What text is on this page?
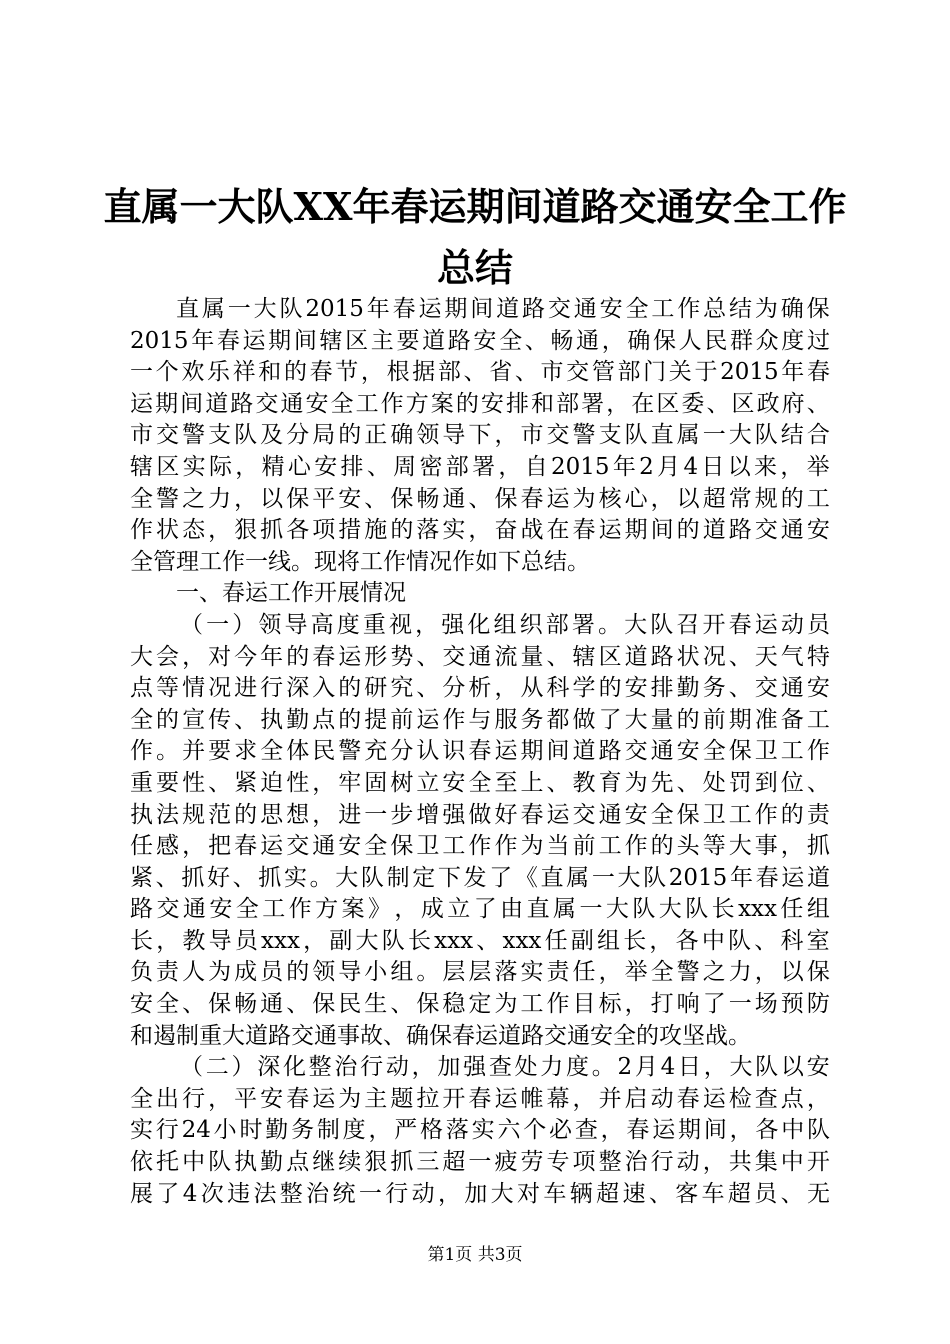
直属一大队XX年春运期间道路交通安全工作
总结
直 属 一 大 队 2015 年 春 运 期 间 道 路 交 通 安 全 工 作 总 结 为 确 保
2015 年 春 运 期 间 辖 区 主 要 道 路 安 全 、 畅 通 ， 确 保 人 民 群 众 度 过
一 个 欢 乐 祥 和 的 春 节 ， 根 据 部 、 省 、 市 交 管 部 门 关 于 2015 年 春
运 期 间 道 路 交 通 安 全 工 作 方 案 的 安 排 和 部 署 ， 在 区 委 、 区 政 府 、
市 交 警 支 队 及 分 局 的 正 确 领 导 下 ， 市 交 警 支 队 直 属 一 大 队 结 合
辖 区 实 际 ， 精 心 安 排 、 周 密 部 署 ， 自 2015 年 2 月 4 日 以 来 ， 举
全 警 之 力 ， 以 保 平 安 、 保 畅 通 、 保 春 运 为 核 心 ， 以 超 常 规 的 工
作 状 态 ， 狠 抓 各 项 措 施 的 落 实 ， 奋 战 在 春 运 期 间 的 道 路 交 通 安
全管理工作一线。现将工作情况作如下总结。
一、春运工作开展情况
（ 一 ） 领 导 高 度 重 视 ， 强 化 组 织 部 署 。 大 队 召 开 春 运 动 员
大 会 ， 对 今 年 的 春 运 形 势 、 交 通 流 量 、 辖 区 道 路 状 况 、 天 气 特
点 等 情 况 进 行 深 入 的 研 究 、 分 析 ， 从 科 学 的 安 排 勤 务 、 交 通 安
全 的 宣 传 、 执 勤 点 的 提 前 运 作 与 服 务 都 做 了 大 量 的 前 期 准 备 工
作 。 并 要 求 全 体 民 警 充 分 认 识 春 运 期 间 道 路 交 通 安 全 保 卫 工 作
重 要 性 、 紧 迫 性 ， 牢 固 树 立 安 全 至 上 、 教 育 为 先 、 处 罚 到 位 、
执 法 规 范 的 思 想 ， 进 一 步 增 强 做 好 春 运 交 通 安 全 保 卫 工 作 的 责
任 感 ， 把 春 运 交 通 安 全 保 卫 工 作 作 为 当 前 工 作 的 头 等 大 事 ， 抓
紧 、 抓 好 、 抓 实 。 大 队 制 定 下 发 了 《 直 属 一 大 队 2015 年 春 运 道
路 交 通 安 全 工 作 方 案 》 ， 成 立 了 由 直 属 一 大 队 大 队 长 xxx 任 组
长 ， 教 导 员 xxx ， 副 大 队 长 xxx 、 xxx 任 副 组 长 ， 各 中 队 、 科 室
负 责 人 为 成 员 的 领 导 小 组 。 层 层 落 实 责 任 ， 举 全 警 之 力 ， 以 保
安 全 、 保 畅 通 、 保 民 生 、 保 稳 定 为 工 作 目 标 ， 打 响 了 一 场 预 防
和遏制重大道路交通事故、确保春运道路交通安全的攻坚战。
（ 二 ） 深 化 整 治 行 动 ， 加 强 查 处 力 度 。 2 月 4 日 ， 大 队 以 安
全 出 行 ， 平 安 春 运 为 主 题 拉 开 春 运 帷 幕 ， 并 启 动 春 运 检 查 点 ，
实 行 24 小 时 勤 务 制 度 ， 严 格 落 实 六 个 必 查 ， 春 运 期 间 ， 各 中 队
依 托 中 队 执 勤 点 继 续 狠 抓 三 超 一 疲 劳 专 项 整 治 行 动 ， 共 集 中 开
展 了 4 次 违 法 整 治 统 一 行 动 ， 加 大 对 车 辆 超 速 、 客 车 超 员 、 无
第1页 共3页
